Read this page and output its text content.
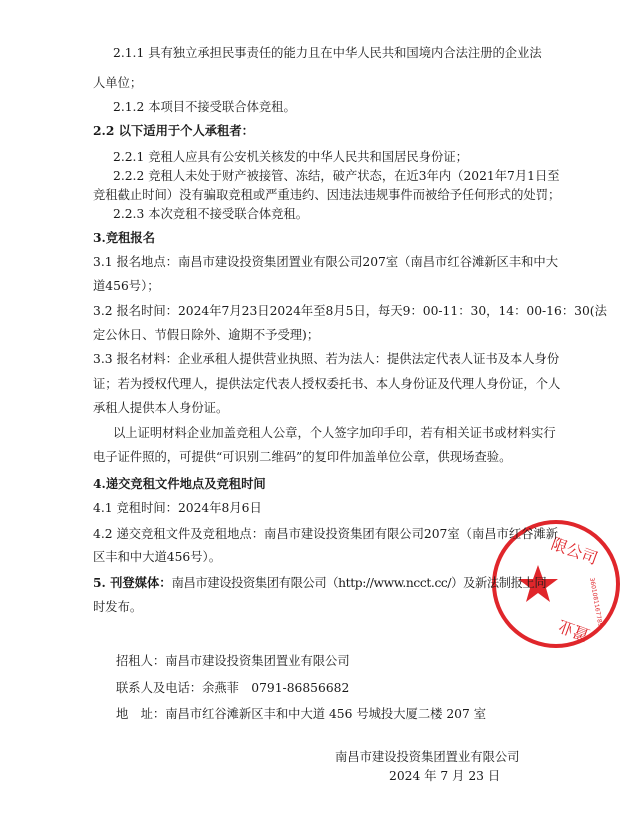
限公司
置业
3601081167789
2.1.1 具有独立承担民事责任的能力且在中华人民共和国境内合法注册的企业法
人单位；
2.1.2 本项目不接受联合体竞租。
2.2 以下适用于个人承租者：
2.2.1 竞租人应具有公安机关核发的中华人民共和国居民身份证；
2.2.2 竞租人未处于财产被接管、冻结，破产状态，在近3年内（2021年7月1日至
竞租截止时间）没有骗取竞租或严重违约、因违法违规事件而被给予任何形式的处罚；
2.2.3 本次竞租不接受联合体竞租。
3.竞租报名
3.1 报名地点：南昌市建设投资集团置业有限公司207室（南昌市红谷滩新区丰和中大
道456号）；
3.2 报名时间：2024年7月23日2024年至8月5日，每天9：00-11：30，14：00-16：30(法
定公休日、节假日除外、逾期不予受理)；
3.3 报名材料：企业承租人提供营业执照、若为法人：提供法定代表人证书及本人身份
证；若为授权代理人，提供法定代表人授权委托书、本人身份证及代理人身份证，个人
承租人提供本人身份证。
以上证明材料企业加盖竞租人公章，个人签字加印手印，若有相关证书或材料实行
电子证件照的，可提供“可识别二维码”的复印件加盖单位公章，供现场查验。
4.递交竞租文件地点及竞租时间
4.1 竞租时间：2024年8月6日
4.2 递交竞租文件及竞租地点：南昌市建设投资集团有限公司207室（南昌市红谷滩新
区丰和中大道456号）。
5. 刊登媒体：南昌市建设投资集团有限公司（http://www.ncct.cc/）及新法制报上同
时发布。
招租人：南昌市建设投资集团置业有限公司
联系人及电话：余燕菲　0791-86856682
地　址：南昌市红谷滩新区丰和中大道 456 号城投大厦二楼 207 室
南昌市建设投资集团置业有限公司
2024 年 7 月 23 日
